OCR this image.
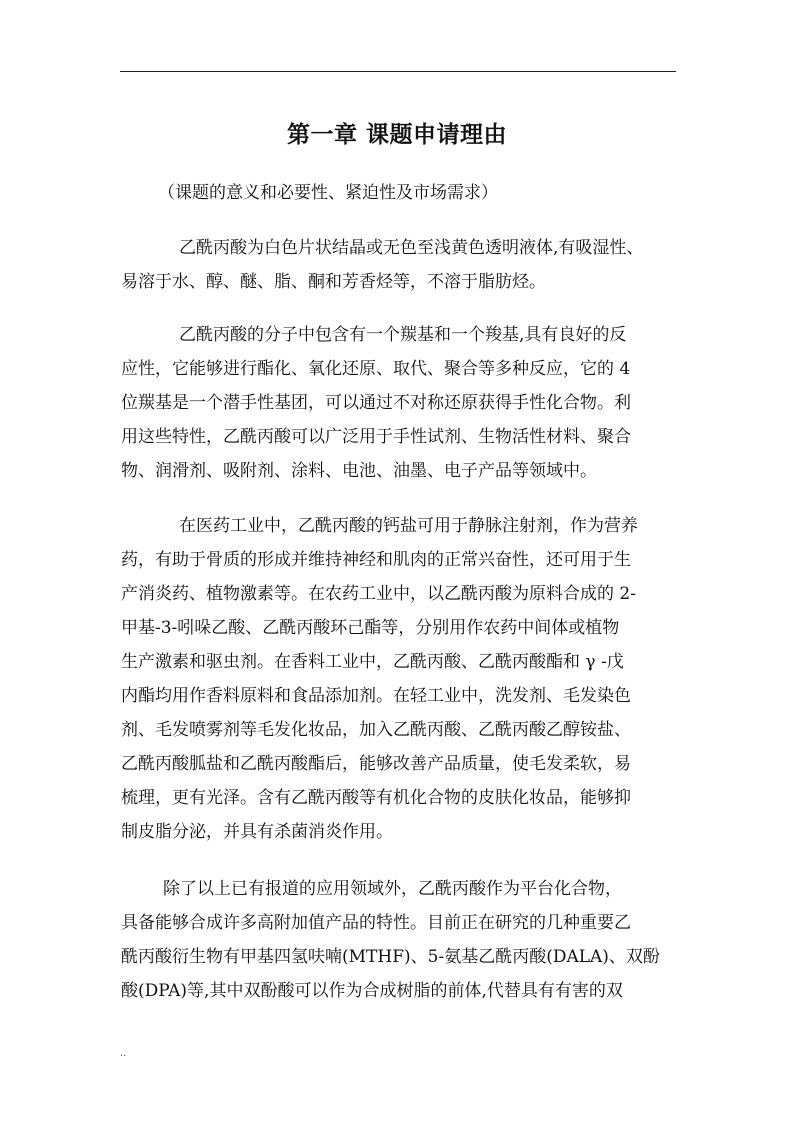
第一章 课题申请理由
（课题的意义和必要性、紧迫性及市场需求）
乙酰丙酸为白色片状结晶或无色至浅黄色透明液体,有吸湿性、
易溶于水、醇、醚、脂、酮和芳香烃等，不溶于脂肪烃。
乙酰丙酸的分子中包含有一个羰基和一个羧基,具有良好的反
应性，它能够进行酯化、氧化还原、取代、聚合等多种反应，它的 4
位羰基是一个潜手性基团，可以通过不对称还原获得手性化合物。利
用这些特性，乙酰丙酸可以广泛用于手性试剂、生物活性材料、聚合
物、润滑剂、吸附剂、涂料、电池、油墨、电子产品等领域中。
在医药工业中，乙酰丙酸的钙盐可用于静脉注射剂，作为营养
药，有助于骨质的形成并维持神经和肌肉的正常兴奋性，还可用于生
产消炎药、植物激素等。在农药工业中，以乙酰丙酸为原料合成的 2-
甲基-3-吲哚乙酸、乙酰丙酸环己酯等，分别用作农药中间体或植物
生产激素和驱虫剂。在香料工业中，乙酰丙酸、乙酰丙酸酯和 γ -戊
内酯均用作香料原料和食品添加剂。在轻工业中，洗发剂、毛发染色
剂、毛发喷雾剂等毛发化妆品，加入乙酰丙酸、乙酰丙酸乙醇铵盐、
乙酰丙酸胍盐和乙酰丙酸酯后，能够改善产品质量，使毛发柔软，易
梳理，更有光泽。含有乙酰丙酸等有机化合物的皮肤化妆品，能够抑
制皮脂分泌，并具有杀菌消炎作用。
除了以上已有报道的应用领域外，乙酰丙酸作为平台化合物，
具备能够合成许多高附加值产品的特性。目前正在研究的几种重要乙
酰丙酸衍生物有甲基四氢呋喃(MTHF)、5-氨基乙酰丙酸(DALA)、双酚
酸(DPA)等,其中双酚酸可以作为合成树脂的前体,代替具有有害的双
..
